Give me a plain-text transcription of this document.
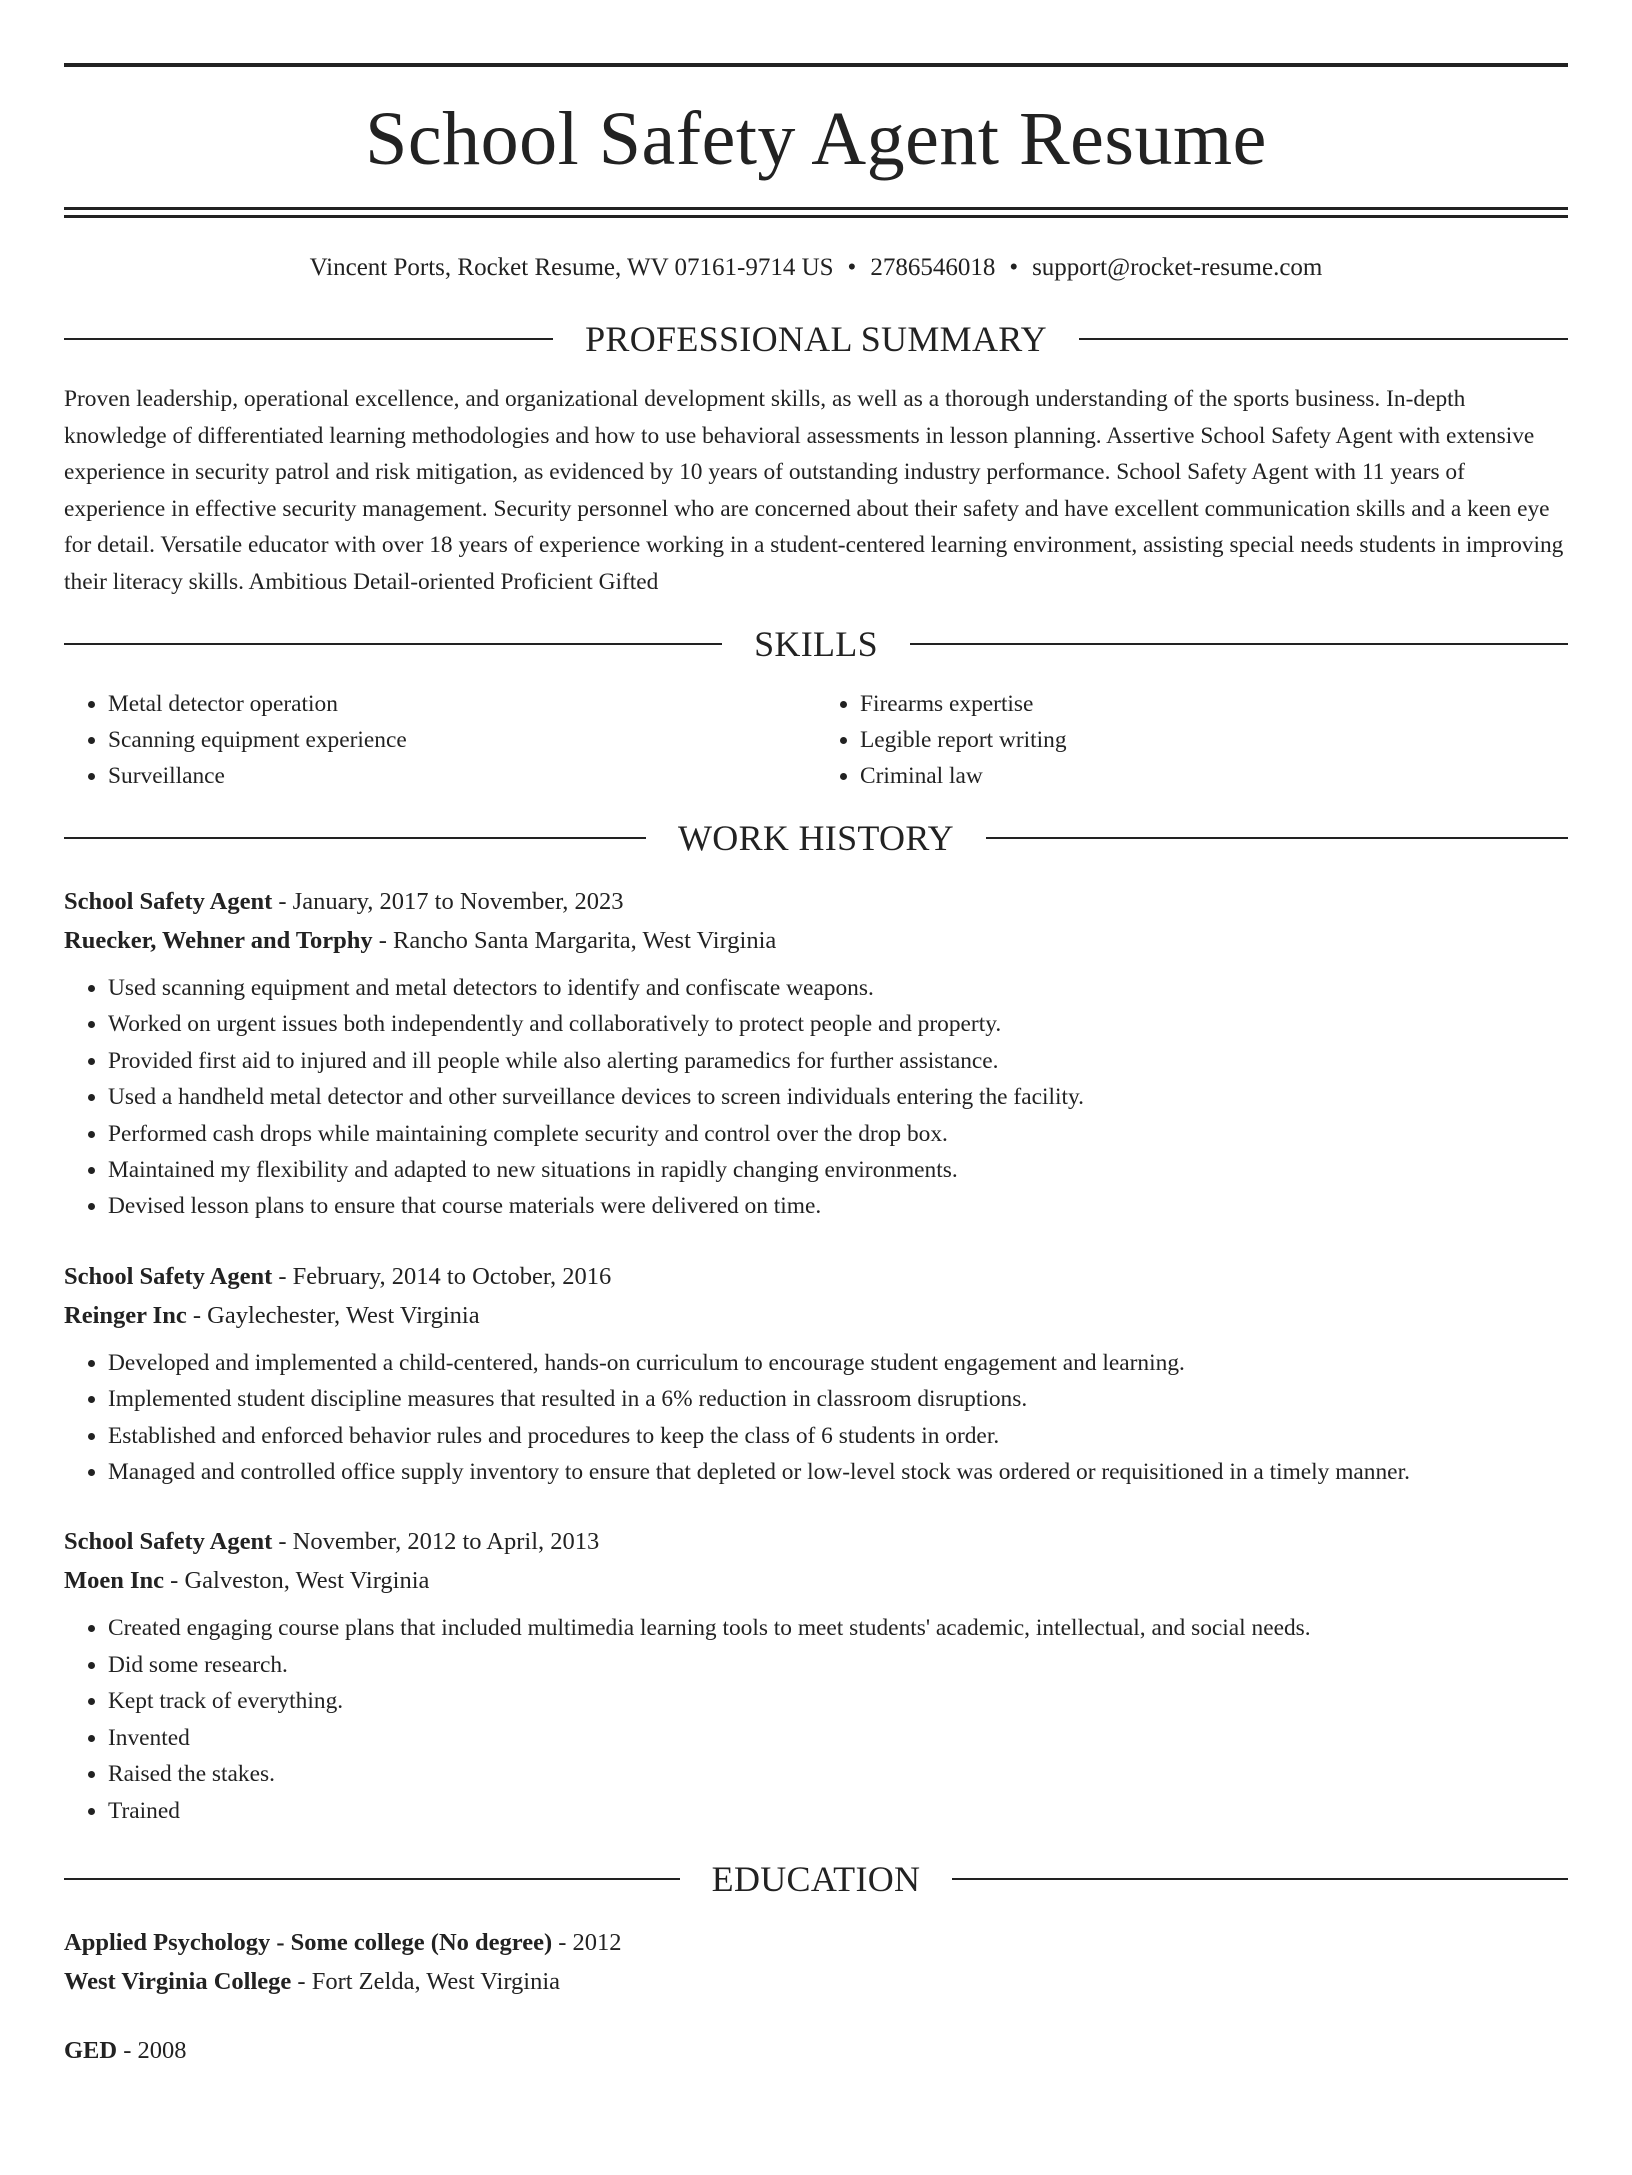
School Safety Agent Resume
Vincent Ports, Rocket Resume, WV 07161-9714 US • 2786546018 • support@rocket-resume.com
PROFESSIONAL SUMMARY

Proven leadership, operational excellence, and organizational development skills, as well as a thorough understanding of the sports business. In-depth knowledge of differentiated learning methodologies and how to use behavioral assessments in lesson planning. Assertive School Safety Agent with extensive experience in security patrol and risk mitigation, as evidenced by 10 years of outstanding industry performance. School Safety Agent with 11 years of experience in effective security management. Security personnel who are concerned about their safety and have excellent communication skills and a keen eye for detail. Versatile educator with over 18 years of experience working in a student-centered learning environment, assisting special needs students in improving their literacy skills. Ambitious Detail-oriented Proficient Gifted

SKILLS
• Metal detector operation
• Scanning equipment experience
• Surveillance
• Firearms expertise
• Legible report writing
• Criminal law
WORK HISTORY
School Safety Agent - January, 2017 to November, 2023
Ruecker, Wehner and Torphy - Rancho Santa Margarita, West Virginia
• Used scanning equipment and metal detectors to identify and confiscate weapons.
• Worked on urgent issues both independently and collaboratively to protect people and property.
• Provided first aid to injured and ill people while also alerting paramedics for further assistance.
• Used a handheld metal detector and other surveillance devices to screen individuals entering the facility.
• Performed cash drops while maintaining complete security and control over the drop box.
• Maintained my flexibility and adapted to new situations in rapidly changing environments.
• Devised lesson plans to ensure that course materials were delivered on time.
School Safety Agent - February, 2014 to October, 2016
Reinger Inc - Gaylechester, West Virginia
• Developed and implemented a child-centered, hands-on curriculum to encourage student engagement and learning.
• Implemented student discipline measures that resulted in a 6% reduction in classroom disruptions.
• Established and enforced behavior rules and procedures to keep the class of 6 students in order.
• Managed and controlled office supply inventory to ensure that depleted or low-level stock was ordered or requisitioned in a timely manner.
School Safety Agent - November, 2012 to April, 2013
Moen Inc - Galveston, West Virginia
• Created engaging course plans that included multimedia learning tools to meet students' academic, intellectual, and social needs.
• Did some research.
• Kept track of everything.
• Invented
• Raised the stakes.
• Trained
EDUCATION
Applied Psychology - Some college (No degree) - 2012
West Virginia College - Fort Zelda, West Virginia
GED - 2008
